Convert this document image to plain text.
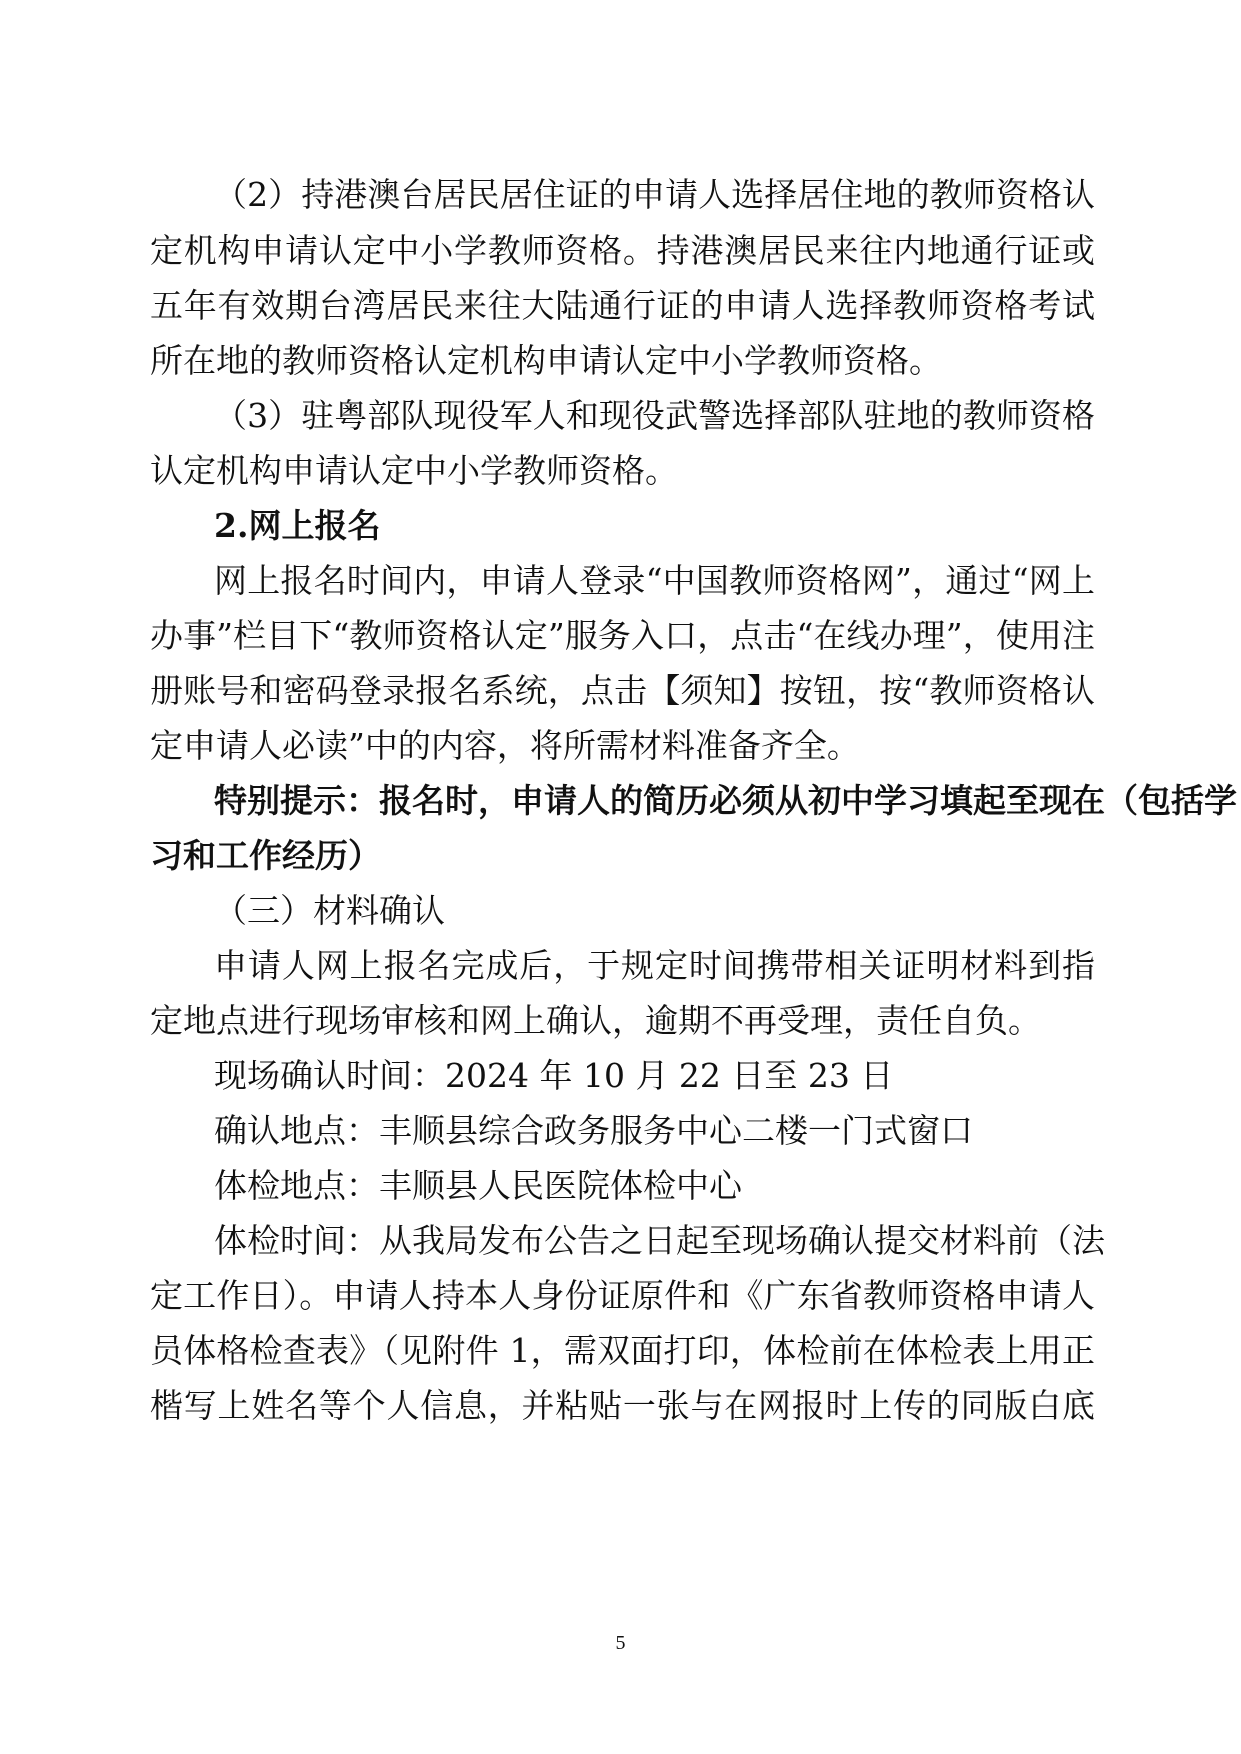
（2）持港澳台居民居住证的申请人选择居住地的教师资格认
定机构申请认定中小学教师资格。持港澳居民来往内地通行证或
五年有效期台湾居民来往大陆通行证的申请人选择教师资格考试
所在地的教师资格认定机构申请认定中小学教师资格。
（3）驻粤部队现役军人和现役武警选择部队驻地的教师资格
认定机构申请认定中小学教师资格。
2.网上报名
网上报名时间内，申请人登录“中国教师资格网”，通过“网上
办事”栏目下“教师资格认定”服务入口，点击“在线办理”，使用注
册账号和密码登录报名系统，点击【须知】按钮，按“教师资格认
定申请人必读”中的内容，将所需材料准备齐全。
特别提示：报名时，申请人的简历必须从初中学习填起至现在（包括学
习和工作经历）
（三）材料确认
申请人网上报名完成后，于规定时间携带相关证明材料到指
定地点进行现场审核和网上确认，逾期不再受理，责任自负。
现场确认时间：2024 年 10 月 22 日至 23 日
确认地点：丰顺县综合政务服务中心二楼一门式窗口
体检地点：丰顺县人民医院体检中心
体检时间：从我局发布公告之日起至现场确认提交材料前（法
定工作日）。申请人持本人身份证原件和《广东省教师资格申请人
员体格检查表》（见附件 1，需双面打印，体检前在体检表上用正
楷写上姓名等个人信息，并粘贴一张与在网报时上传的同版白底
5
